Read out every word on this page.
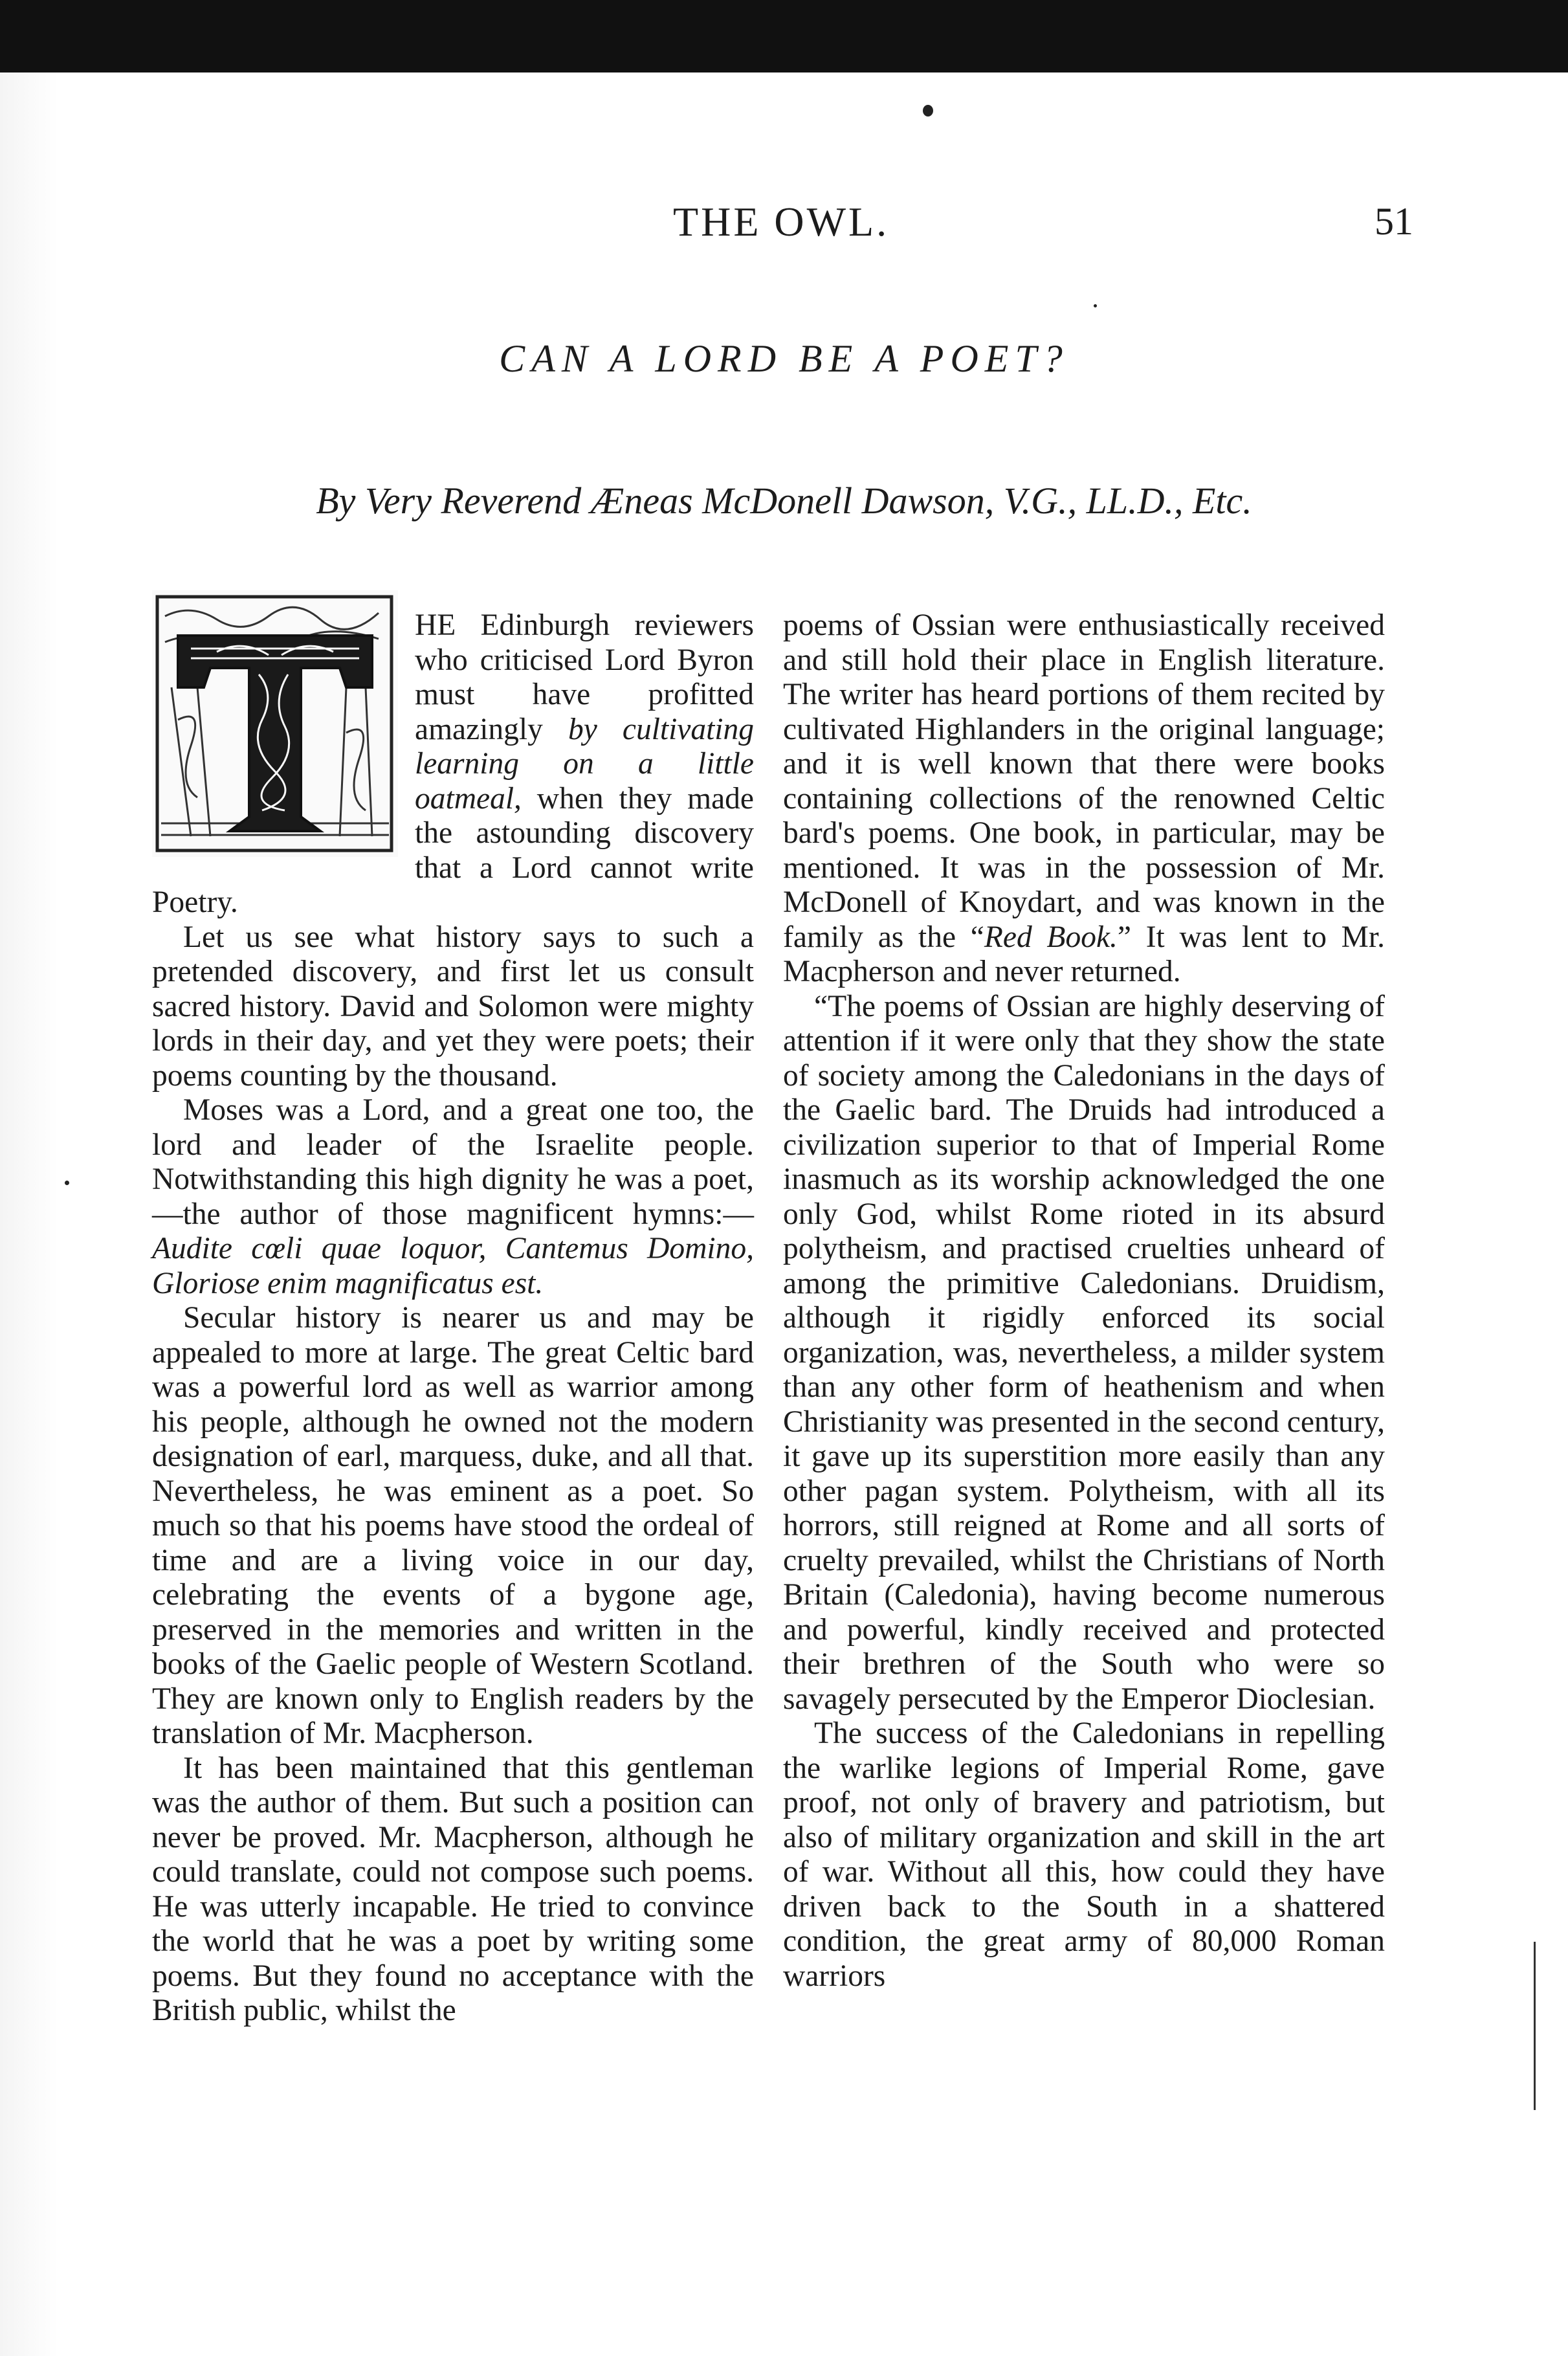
THE OWL.	51
CAN A LORD BE A POET?
By Very Reverend Æneas McDonell Dawson, V.G., LL.D., Etc.

HE Edinburgh reviewers who criticised Lord Byron must have profitted amazingly by cultivating learning on a little oatmeal, when they made the astounding discovery that a Lord cannot write Poetry.

Let us see what history says to such a pretended discovery, and first let us consult sacred history. David and Solomon were mighty lords in their day, and yet they were poets; their poems counting by the thousand.

Moses was a Lord, and a great one too, the lord and leader of the Israelite people. Notwithstanding this high dignity he was a poet,—the author of those magnificent hymns:—Audite cœli quae loquor, Cantemus Domino, Gloriose enim magnificatus est.

Secular history is nearer us and may be appealed to more at large. The great Celtic bard was a powerful lord as well as warrior among his people, although he owned not the modern designation of earl, marquess, duke, and all that. Nevertheless, he was eminent as a poet. So much so that his poems have stood the ordeal of time and are a living voice in our day, celebrating the events of a bygone age, preserved in the memories and written in the books of the Gaelic people of Western Scotland. They are known only to English readers by the translation of Mr. Macpherson.

It has been maintained that this gentleman was the author of them. But such a position can never be proved. Mr. Macpherson, although he could translate, could not compose such poems. He was utterly incapable. He tried to convince the world that he was a poet by writing some poems. But they found no acceptance with the British public, whilst the

poems of Ossian were enthusiastically received and still hold their place in English literature. The writer has heard portions of them recited by cultivated Highlanders in the original language; and it is well known that there were books containing collections of the renowned Celtic bard's poems. One book, in particular, may be mentioned. It was in the possession of Mr. McDonell of Knoydart, and was known in the family as the “Red Book.” It was lent to Mr. Macpherson and never returned.

“The poems of Ossian are highly deserving of attention if it were only that they show the state of society among the Caledonians in the days of the Gaelic bard. The Druids had introduced a civilization superior to that of Imperial Rome inasmuch as its worship acknowledged the one only God, whilst Rome rioted in its absurd polytheism, and practised cruelties unheard of among the primitive Caledonians. Druidism, although it rigidly enforced its social organization, was, nevertheless, a milder system than any other form of heathenism and when Christianity was presented in the second century, it gave up its superstition more easily than any other pagan system. Polytheism, with all its horrors, still reigned at Rome and all sorts of cruelty prevailed, whilst the Christians of North Britain (Caledonia), having become numerous and powerful, kindly received and protected their brethren of the South who were so savagely persecuted by the Emperor Dioclesian.

The success of the Caledonians in repelling the warlike legions of Imperial Rome, gave proof, not only of bravery and patriotism, but also of military organization and skill in the art of war. Without all this, how could they have driven back to the South in a shattered condition, the great army of 80,000 Roman warriors
